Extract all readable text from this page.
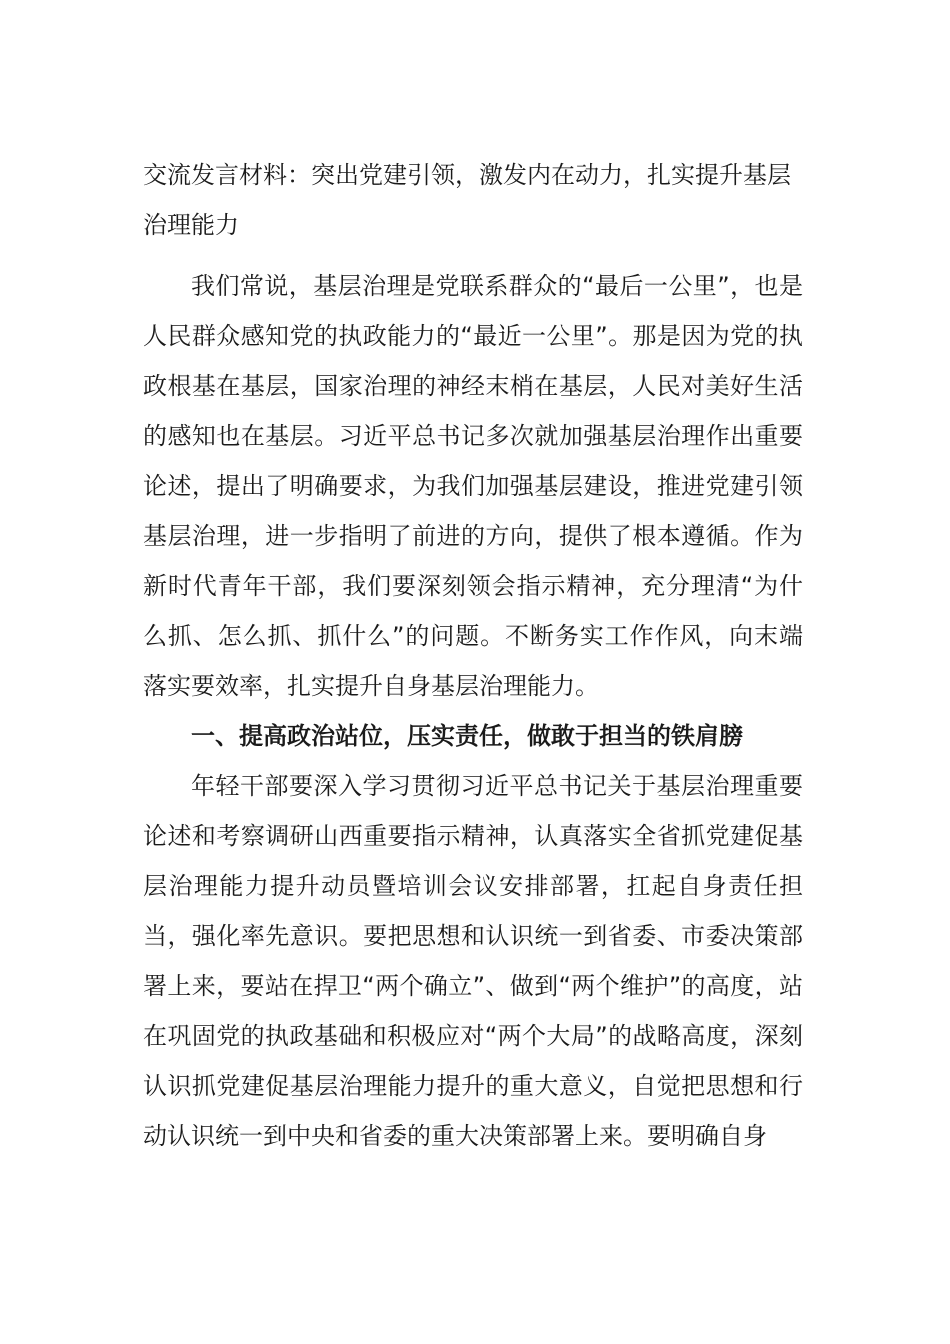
交流发言材料：突出党建引领，激发内在动力，扎实提升基层治理能力

我们常说，基层治理是党联系群众的“最后一公里”，也是人民群众感知党的执政能力的“最近一公里”。那是因为党的执政根基在基层，国家治理的神经末梢在基层，人民对美好生活的感知也在基层。习近平总书记多次就加强基层治理作出重要论述，提出了明确要求，为我们加强基层建设，推进党建引领基层治理，进一步指明了前进的方向，提供了根本遵循。作为新时代青年干部，我们要深刻领会指示精神，充分理清“为什么抓、怎么抓、抓什么”的问题。不断务实工作作风，向末端落实要效率，扎实提升自身基层治理能力。

一、提高政治站位，压实责任，做敢于担当的铁肩膀

年轻干部要深入学习贯彻习近平总书记关于基层治理重要论述和考察调研山西重要指示精神，认真落实全省抓党建促基层治理能力提升动员暨培训会议安排部署，扛起自身责任担当，强化率先意识。要把思想和认识统一到省委、市委决策部署上来，要站在捍卫“两个确立”、做到“两个维护”的高度，站在巩固党的执政基础和积极应对“两个大局”的战略高度，深刻认识抓党建促基层治理能力提升的重大意义，自觉把思想和行动认识统一到中央和省委的重大决策部署上来。要明确自身
